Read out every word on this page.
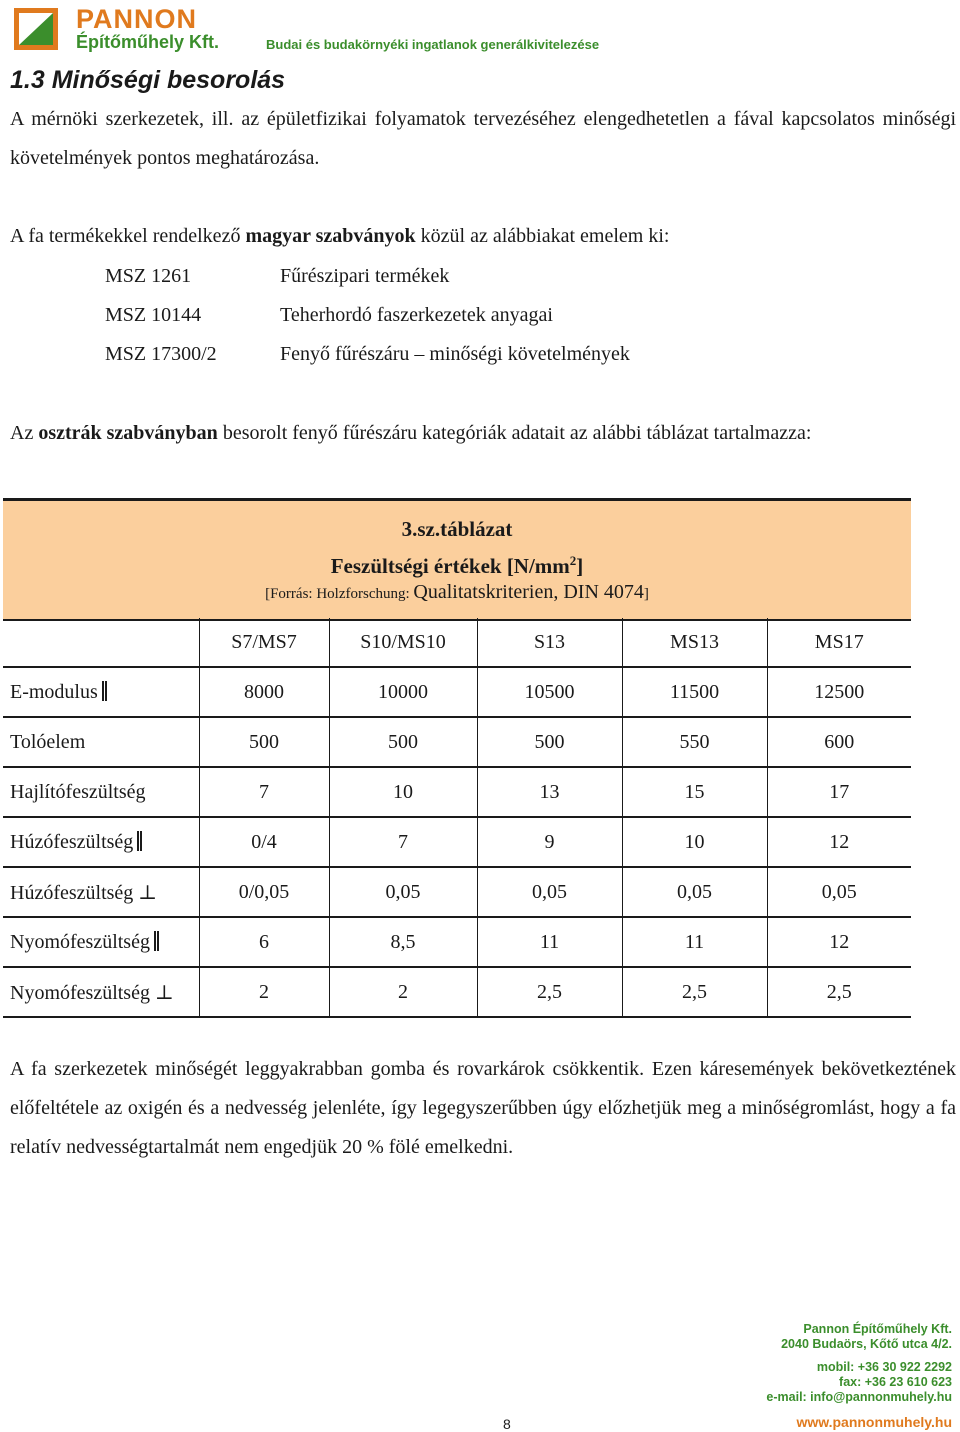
PANNON
Építőműhely Kft.	Budai és budakörnyéki ingatlanok generálkivitelezése
1.3 Minőségi besorolás
A mérnöki szerkezetek, ill. az épületfizikai folyamatok tervezéséhez elengedhetetlen a fával kapcsolatos minőségi követelmények pontos meghatározása.
A fa termékekkel rendelkező magyar szabványok közül az alábbiakat emelem ki:
MSZ 1261	Fűrészipari termékek
MSZ 10144	Teherhordó faszerkezetek anyagai
MSZ 17300/2	Fenyő fűrészáru – minőségi követelmények
Az osztrák szabványban besorolt fenyő fűrészáru kategóriák adatait az alábbi táblázat tartalmazza:
3.sz.táblázat
Feszültségi értékek $[N/mm^2]$
[Forrás: Holzforschung: Qualitatskriterien, DIN 4074]
	S7/MS7	S10/MS10	S13	MS13	MS17
E-modulus	8000	10000	10500	11500	12500
Tolóelem	500	500	500	550	600
Hajlítófeszültség	7	10	13	15	17
Húzófeszültség	0/4	7	9	10	12
Húzófeszültség ⊥	0/0,05	0,05	0,05	0,05	0,05
Nyomófeszültség	6	8,5	11	11	12
Nyomófeszültség ⊥	2	2	2,5	2,5	2,5
A fa szerkezetek minőségét leggyakrabban gomba és rovarkárok csökkentik. Ezen káresemények bekövetkeztének előfeltétele az oxigén és a nedvesség jelenléte, így legegyszerűbben úgy előzhetjük meg a minőségromlást, hogy a fa relatív nedvességtartalmát nem engedjük 20 % fölé emelkedni.
8
Pannon Építőműhely Kft.
2040 Budaörs, Kőtő utca 4/2.
mobil: +36 30 922 2292
fax: +36 23 610 623
e-mail: info@pannonmuhely.hu
www.pannonmuhely.hu
